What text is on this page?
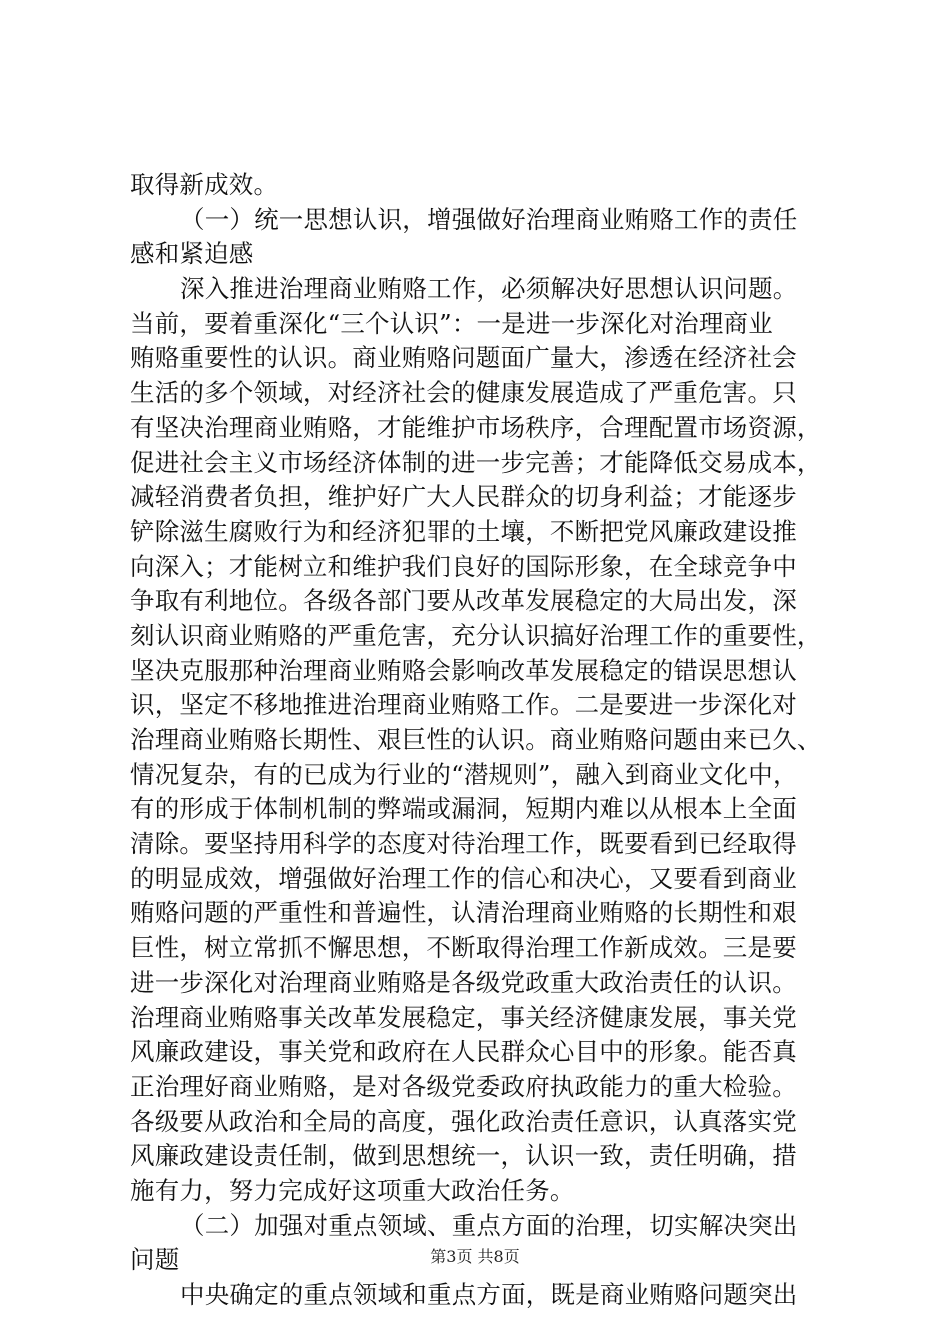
取得新成效。
（一）统一思想认识，增强做好治理商业贿赂工作的责任
感和紧迫感
深入推进治理商业贿赂工作，必须解决好思想认识问题。
当前，要着重深化“三个认识”：一是进一步深化对治理商业
贿赂重要性的认识。商业贿赂问题面广量大，渗透在经济社会
生活的多个领域，对经济社会的健康发展造成了严重危害。只
有坚决治理商业贿赂，才能维护市场秩序，合理配置市场资源，
促进社会主义市场经济体制的进一步完善；才能降低交易成本，
减轻消费者负担，维护好广大人民群众的切身利益；才能逐步
铲除滋生腐败行为和经济犯罪的土壤，不断把党风廉政建设推
向深入；才能树立和维护我们良好的国际形象，在全球竞争中
争取有利地位。各级各部门要从改革发展稳定的大局出发，深
刻认识商业贿赂的严重危害，充分认识搞好治理工作的重要性，
坚决克服那种治理商业贿赂会影响改革发展稳定的错误思想认
识，坚定不移地推进治理商业贿赂工作。二是要进一步深化对
治理商业贿赂长期性、艰巨性的认识。商业贿赂问题由来已久、
情况复杂，有的已成为行业的“潜规则”，融入到商业文化中，
有的形成于体制机制的弊端或漏洞，短期内难以从根本上全面
清除。要坚持用科学的态度对待治理工作，既要看到已经取得
的明显成效，增强做好治理工作的信心和决心，又要看到商业
贿赂问题的严重性和普遍性，认清治理商业贿赂的长期性和艰
巨性，树立常抓不懈思想，不断取得治理工作新成效。三是要
进一步深化对治理商业贿赂是各级党政重大政治责任的认识。
治理商业贿赂事关改革发展稳定，事关经济健康发展，事关党
风廉政建设，事关党和政府在人民群众心目中的形象。能否真
正治理好商业贿赂，是对各级党委政府执政能力的重大检验。
各级要从政治和全局的高度，强化政治责任意识，认真落实党
风廉政建设责任制，做到思想统一，认识一致，责任明确，措
施有力，努力完成好这项重大政治任务。
（二）加强对重点领域、重点方面的治理，切实解决突出
问题
中央确定的重点领域和重点方面，既是商业贿赂问题突出
第3页 共8页
